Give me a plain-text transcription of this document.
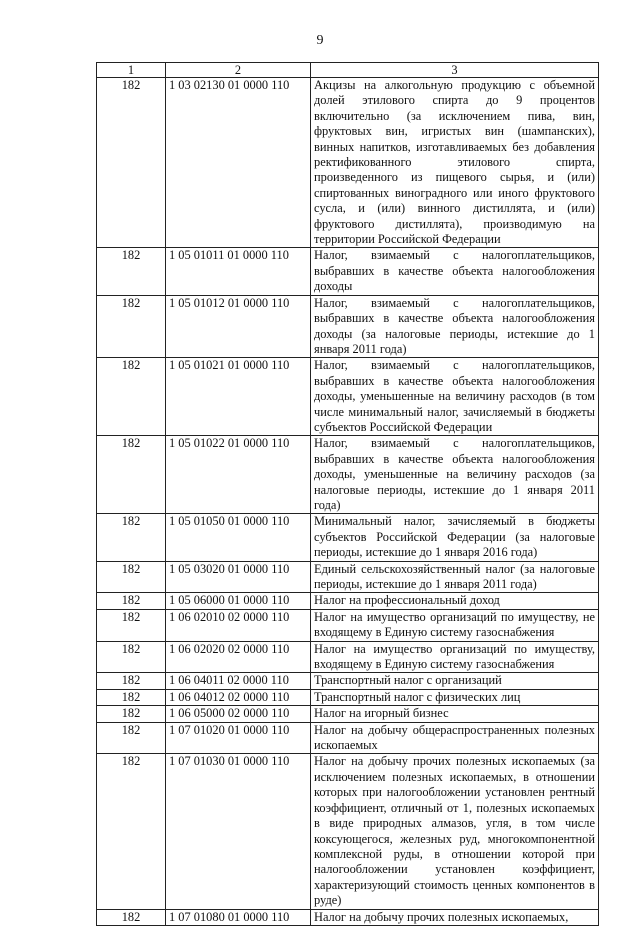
9
1	2	3
182	1 03 02130 01 0000 110	Акцизы на алкогольную продукцию с объемной долей этилового спирта до 9 процентов включительно (за исключением пива, вин, фруктовых вин, игристых вин (шампанских), винных напитков, изготавливаемых без добавления ректификованного этилового спирта, произведенного из пищевого сырья, и (или) спиртованных виноградного или иного фруктового сусла, и (или) винного дистиллята, и (или) фруктового дистиллята), производимую на территории Российской Федерации
182	1 05 01011 01 0000 110	Налог, взимаемый с налогоплательщиков, выбравших в качестве объекта налогообложения доходы
182	1 05 01012 01 0000 110	Налог, взимаемый с налогоплательщиков, выбравших в качестве объекта налогообложения доходы (за налоговые периоды, истекшие до 1 января 2011 года)
182	1 05 01021 01 0000 110	Налог, взимаемый с налогоплательщиков, выбравших в качестве объекта налогообложения доходы, уменьшенные на величину расходов (в том числе минимальный налог, зачисляемый в бюджеты субъектов Российской Федерации
182	1 05 01022 01 0000 110	Налог, взимаемый с налогоплательщиков, выбравших в качестве объекта налогообложения доходы, уменьшенные на величину расходов (за налоговые периоды, истекшие до 1 января 2011 года)
182	1 05 01050 01 0000 110	Минимальный налог, зачисляемый в бюджеты субъектов Российской Федерации (за налоговые периоды, истекшие до 1 января 2016 года)
182	1 05 03020 01 0000 110	Единый сельскохозяйственный налог (за налоговые периоды, истекшие до 1 января 2011 года)
182	1 05 06000 01 0000 110	Налог на профессиональный доход
182	1 06 02010 02 0000 110	Налог на имущество организаций по имуществу, не входящему в Единую систему газоснабжения
182	1 06 02020 02 0000 110	Налог на имущество организаций по имуществу, входящему в Единую систему газоснабжения
182	1 06 04011 02 0000 110	Транспортный налог с организаций
182	1 06 04012 02 0000 110	Транспортный налог с физических лиц
182	1 06 05000 02 0000 110	Налог на игорный бизнес
182	1 07 01020 01 0000 110	Налог на добычу общераспространенных полезных ископаемых
182	1 07 01030 01 0000 110	Налог на добычу прочих полезных ископаемых (за исключением полезных ископаемых, в отношении которых при налогообложении установлен рентный коэффициент, отличный от 1, полезных ископаемых в виде природных алмазов, угля, в том числе коксующегося, железных руд, многокомпонентной комплексной руды, в отношении которой при налогообложении установлен коэффициент, характеризующий стоимость ценных компонентов в руде)
182	1 07 01080 01 0000 110	Налог на добычу прочих полезных ископаемых,
